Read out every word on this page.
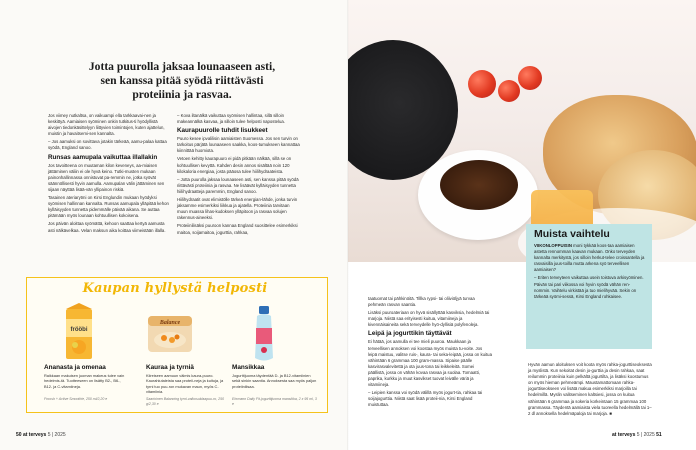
Jotta puurolla jaksaa lounaaseen asti,
sen kanssa pitää syödä riittävästi
proteiinia ja rasvaa.

Jos viimey nutkaltsa, on vaikuampi ella tarkkaavai-nen ja keskittyä. Aamiaisen syöminen onkin tutkitus-ti hyödyllistä aivojen tiedonkäsittelyyn liittyvien toimintojen, kuten ajattelun, muistin ja havaitsemi-sen kannalta.

– Jos aamuksi on sovittava jotakin tärkeää, aamu-palaa kattaa syödä, England sanoo.

Runsas aamupala vaikuttaa illallakin

Jos tavoitteena on muutaman kilon keveneys, aa-miaisen jättäminen väliin ei ole hyvä keino. Tutki-musten mukaan painonhallinnassa onnistuvat pa-remmin ne, jotka syövät säännöllisesti hyvin aamulla. Aamupalan välin jättäminen sen sijaan näyttää lisää-vän yllipainon riskiä.

Tasainen ateriarytmi on Kirsi Englundin mukaan hyödyksi syömisen hallinnan kannalta. Runsas aamupala ylläpitää kehon kylläisyyden tunnetta pidemmälle päivää aikana. Se auttaa pitämään myös lounaan kohtuullisen kokoisena.

Jos päivän aloittaa syömättä, kehoon saattaa kertyä aamusta asti nälkävelkaa. Velan maksun aika koittaa viimeistään illalla.

– Kova iltanälkä vaikuttaa syömisen hallintaa, sillä silloin makeannälkä kasvaa, ja silloin tulee helposti napostelua.

Kaurapuurolle tuhdit lisukkeet

Puuro kesee ipvalilisin aamiaisten Suomessa. Jos sen turvin on tarkoitus pärjätä lounaaseen saakka, koos-tumukseen kannattaa kiinnittää huomiota.

Vetoen kehitty kaurapuuro ei pidä pitkään nälkää, sillä se on kohtuullisen kevyttä. Kahden desin annos sisältää noin 120 kilokaloria energiaa, josta pääosa tulee hiilihydraateista.

– Jotta puurolla jaksaa lounaaseen asti, sen kanssa pitää syödä riittävästi proteiinia ja rasvaa. Ne lisäävät kylläisyyden tunnetta hiilihydraatteja paremmin, England sanoo.

Hiilihydraatit ovat elimistölle tärkeä energian-lähde, jonka turvin jaksamme esimerkiksi liikkua ja ajatella. Proteiinia tarvitaan muun muassa lihas-kudoksen ylläpitoon ja rasvaa solujen rakennus-aineeksi.

Proteiinilisäksi puuroon kannaa England suosittelee esimerkiksi maitoa, soijamaitoa, jogurttia, rahkaa,

Kaupan hyllystä helposti
frööbi
Ananasta ja omenaa
Raikkaan makuisen juoman makeus tulee vain hedelmis-tä. Tuotteeseen on lisätty B2-, B6-, B12- ja C-vitamiineja.
Froosh + Active Smoothie, 250 ml/2,20 e
Balance
Kauraa ja tyrniä
Kiireiseen aamuun välmis kaura-puuro. Kaurahiutaleista saa proteii-neja ja kuituja, ja tyrni tuo puu-ron mukavan maun, myös C-vitamiinia.
Saarioinen Balancing tyrni-valkosuklaapuu-ro, 250 g/2,30 e
Mansikkaa
Jogurttijuoma täydentää D- ja B12-vitamiinien sekä sinkin saantia. Annoksesta saa myös paljon proteiinilisaa.
Ehrmann Daily Fit-jogurttijuoma mansikka, 2 x 95 ml, 3 e
50 at terveys 5 | 2025
Muista vaihtelu

VIIKONLOPPUISIN moni tykkää koos-taa aamiaisen astetta rennomman kaavan mukaan. Onko terveyden kannalta merkitystä, jos silloin herkut-telee croissantella ja rasvaisilla juus-toilla mutta arkena syö terveellisen aamiaisen?

– Eriten terveyteen vaikuttaa usein toistuva arkisyöminen. Päivän tai pari viikossa voi hyvin syödä vähän ren-nommin. Vaihtelu virkistää ja tuo mielihyvää. Sekin on tärkeää syömi-sessä, Kirsi England rohkaisee.

taatuomat tai pähkinöitä. Tillka rypsi- tai oliiviöljyä turvaa pehmeän rasvan saantia.

Lisäksi puuroateriaan on hyvä sisällyttää kasviksia, hedelmiä tai marjoja. Niistä saa erityisesti kuitua, vitamiineja ja kivennäisaineita sekä terveydelle hyö-dyllisiä polyfenoleja.

Leipä ja jogurttikin täyttävät

Ei hätää, jos aamulla ei tee mieli puuroa. Maukkaan ja terveellisen annoksen voi koostaa myös muista tu-voite. Jos leipä maistuu, valitse ruis-, kaura- tai seka-leipää, jossa on kuitua vähintään 6 grammaa 100 gram-massa. Sipaise päälle kasvirasvalevitettä ja ota juus-tona tai leikkeleitä. Somei päällistä, jossa on vähän kovaa rasvaa ja suolaa. Tomaatti, paprika, kurkku ja muut kasvikset tuovat leivälle väriä ja vitamiineja.

– Leipien kanssa voi syödä välillä myös jogurt-tia, rahkaa tai soijajogurttia. Niistä saat lisää proteii-nia, Kirsi England muistuttaa.

Hyvän aamun aloituksen voit koota myös rahka-jogurttiseoksesta ja myslistä. Kun sekoitat desin jo-gurttia ja desin rahkaa, saat reilummin proteiinia kuin pelkältä jogurtilta, ja lisäksi koostumus on myös hieman pehmeämpi. Maustamattomaan rahka-jogurttiseokseen voi lisätä makua esimerkiksi marjoilla tai hedelmillä. Myslin valitseminen kaltsiesi, jossa on kuitua vähintään 6 grammaa ja sokeria korkeintaan 15 grammaa 100 grammassa. Täydentä aamiaista viela tuoreella hedelmällä tai 1–2 dl annoksella hedelmäpaloja tai marjoja. ■

at terveys 5 | 2025 51
